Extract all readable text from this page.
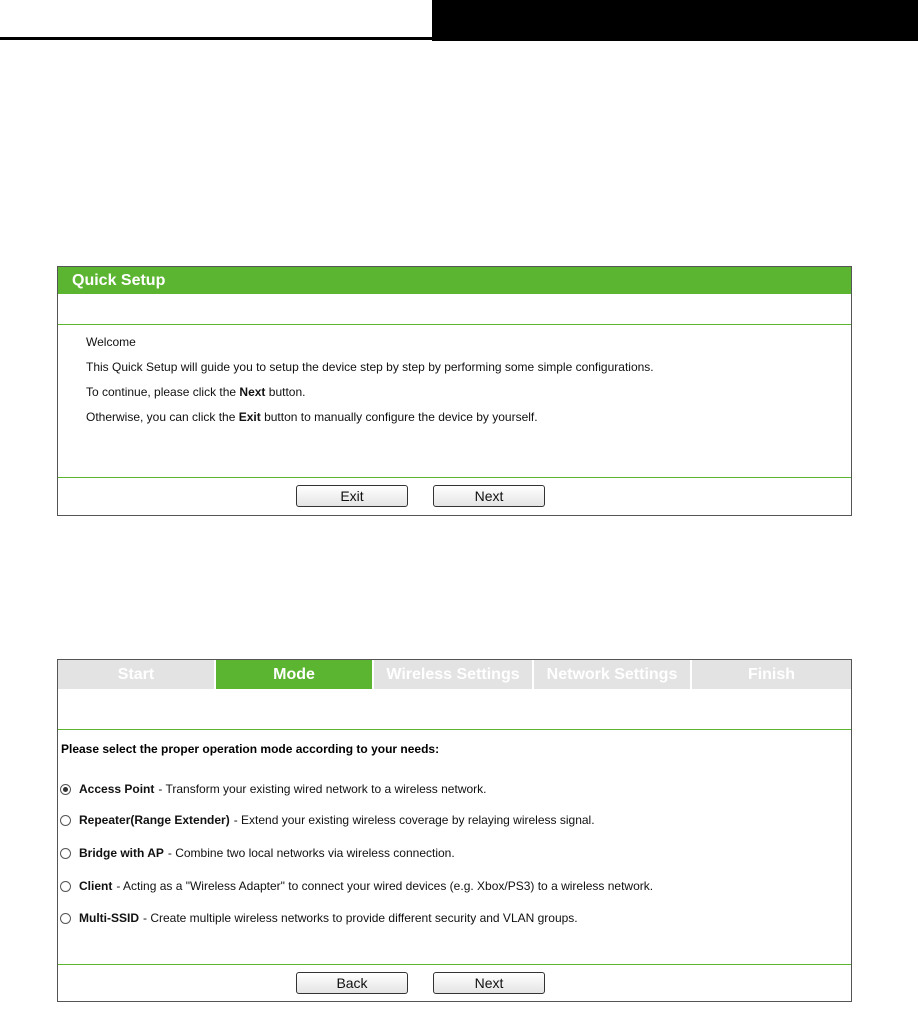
Quick Setup
Welcome
This Quick Setup will guide you to setup the device step by step by performing some simple configurations.
To continue, please click the Next button.
Otherwise, you can click the Exit button to manually configure the device by yourself.
Exit	Next
Start	Mode	Wireless Settings	Network Settings	Finish
Please select the proper operation mode according to your needs:
Access Point - Transform your existing wired network to a wireless network.
Repeater(Range Extender) - Extend your existing wireless coverage by relaying wireless signal.
Bridge with AP - Combine two local networks via wireless connection.
Client - Acting as a "Wireless Adapter" to connect your wired devices (e.g. Xbox/PS3) to a wireless network.
Multi-SSID - Create multiple wireless networks to provide different security and VLAN groups.
Back	Next
